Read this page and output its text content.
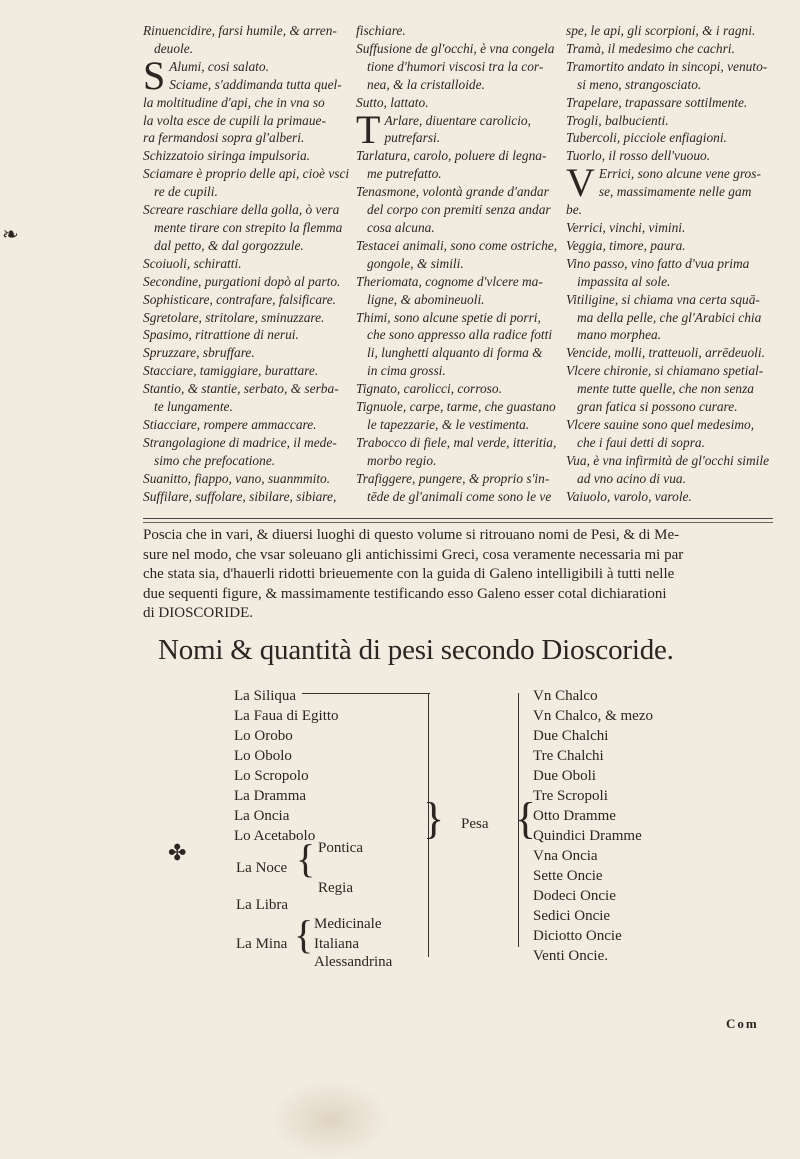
❧
Rinuencidire, farsi humile, & arren-
deuole.
S Alumi, cosi salato.
Sciame, s'addimanda tutta quel-
la moltitudine d'api, che in vna so
la volta esce de cupili la primaue-
ra fermandosi sopra gl'alberi.
Schizzatoio siringa impulsoria.
Sciamare è proprio delle api, cioè vsci
re de cupili.
Screare raschiare della golla, ò vera
mente tirare con strepito la flemma
dal petto, & dal gorgozzule.
Scoiuoli, schiratti.
Secondine, purgationi dopò al parto.
Sophisticare, contrafare, falsificare.
Sgretolare, stritolare, sminuzzare.
Spasimo, ritrattione di nerui.
Spruzzare, sbruffare.
Stacciare, tamiggiare, burattare.
Stantio, & stantie, serbato, & serba-
te lungamente.
Stiacciare, rompere ammaccare.
Strangolagione di madrice, il mede-
simo che prefocatione.
Suanitto, fiappo, vano, suanmmito.
Suffilare, suffolare, sibilare, sibiare,
fischiare.
Suffusione de gl'occhi, è vna congela
tione d'humori viscosi tra la cor-
nea, & la cristalloide.
Sutto, lattato.
T Arlare, diuentare carolicio,
putrefarsi.
Tarlatura, carolo, poluere di legna-
me putrefatto.
Tenasmone, volontà grande d'andar
del corpo con premiti senza andar
cosa alcuna.
Testacei animali, sono come ostriche,
gongole, & simili.
Theriomata, cognome d'vlcere ma-
ligne, & abomineuoli.
Thimi, sono alcune spetie di porri,
che sono appresso alla radice fotti
li, lunghetti alquanto di forma &
in cima grossi.
Tignato, carolicci, corroso.
Tignuole, carpe, tarme, che guastano
le tapezzarie, & le vestimenta.
Trabocco di fiele, mal verde, itteritia,
morbo regio.
Trafiggere, pungere, & proprio s'in-
tēde de gl'animali come sono le ve
spe, le api, gli scorpioni, & i ragni.
Tramà, il medesimo che cachri.
Tramortito andato in sincopi, venuto-
si meno, strangosciato.
Trapelare, trapassare sottilmente.
Trogli, balbucienti.
Tubercoli, picciole enfiagioni.
Tuorlo, il rosso dell'vuouo.
V Errici, sono alcune vene gros-
se, massimamente nelle gam
be.
Verrici, vinchi, vimini.
Veggia, timore, paura.
Vino passo, vino fatto d'vua prima
impassita al sole.
Vitiligine, si chiama vna certa squā-
ma della pelle, che gl'Arabici chia
mano morphea.
Vencide, molli, tratteuoli, arrēdeuoli.
Vlcere chironie, si chiamano spetial-
mente tutte quelle, che non senza
gran fatica si possono curare.
Vlcere sauine sono quel medesimo,
che i faui detti di sopra.
Vua, è vna infirmità de gl'occhi simile
ad vno acino di vua.
Vaiuolo, varolo, varole.
Poscia che in vari, & diuersi luoghi di questo volume si ritrouano nomi de Pesi, & di Me-
sure nel modo, che vsar soleuano gli antichissimi Greci, cosa veramente necessaria mi par
che stata sia, d'hauerli ridotti brieuemente con la guida di Galeno intelligibili à tutti nelle
due sequenti figure, & massimamente testificando esso Galeno esser cotal dichiarationi
di DIOSCORIDE.
Nomi & quantità di pesi secondo Dioscoride.
La Siliqua
La Faua di Egitto
Lo Orobo
Lo Obolo
Lo Scropolo
La Dramma
La Oncia
Lo Acetabolo
Pontica
La Noce {
Regia
La Libra
Medicinale
La Mina { Italiana
Alessandrina
} Pesa {
Vn Chalco
Vn Chalco, & mezo
Due Chalchi
Tre Chalchi
Due Oboli
Tre Scropoli
Otto Dramme
Quindici Dramme
Vna Oncia
Sette Oncie
Dodeci Oncie
Sedici Oncie
Diciotto Oncie
Venti Oncie.
✤
Com
